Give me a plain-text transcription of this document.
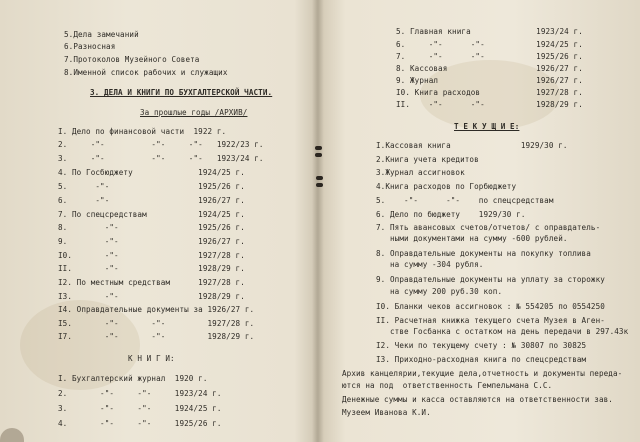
5.Дела замечаний
6.Разносная
7.Протоколов Музейного Совета
8.Именной список рабочих и служащих
3. ДЕЛА И КНИГИ ПО БУХГАЛТЕРСКОЙ ЧАСТИ.
За прошлые годы /АРХИВ/
I. Дело по финансовой части  1922 г.
2.     -"-          -"-     -"-   1922/23 г.
3.     -"-          -"-     -"-   1923/24 г.
4. По Госбюджету              1924/25 г.
5.      -"-                   1925/26 г.
6.      -"-                   1926/27 г.
7. По спецсредствам           1924/25 г.
8.        -"-                 1925/26 г.
9.        -"-                 1926/27 г.
I0.       -"-                 1927/28 г.
II.       -"-                 1928/29 г.
I2. По местным средствам      1927/28 г.
I3.       -"-                 1928/29 г.
I4. Оправдательные документы за 1926/27 г.
I5.       -"-       -"-         1927/28 г.
I7.       -"-       -"-         1928/29 г.
К Н И Г И:
I. Бухгалтерский журнал  1920 г.
2.       -"-     -"-     1923/24 г.
3.       -"-     -"-     1924/25 г.
4.       -"-     -"-     1925/26 г.
5. Главная книга              1923/24 г.
6.     -"-      -"-           1924/25 г.
7.     -"-      -"-           1925/26 г.
8. Кассовая                   1926/27 г.
9. Журнал                     1926/27 г.
I0. Книга расходов            1927/28 г.
II.    -"-      -"-           1928/29 г.
Т Е К У Щ И Е:
I.Кассовая книга               1929/30 г.
2.Книга учета кредитов
3.Журнал ассигновок
4.Книга расходов по Горбюджету
5.    -"-      -"-    по спецсредствам
6. Дело по бюджету    1929/30 г.
7. Пять авансовых счетов/отчетов/ с оправдатель-
ными документами на сумму -600 рублей.
8. Оправдательные документы на покупку топлива
на сумму -304 рубля.
9. Оправдательные документы на уплату за сторожку
на сумму 200 руб.30 коп.
I0. Бланки чеков ассигновок : № 554205 по 0554250
II. Расчетная книжка текущего счета Музея в Аген-
стве Госбанка с остатком на день передачи в 297.43к
I2. Чеки по текущему счету : № 30807 по 30825
I3. Приходно-расходная книга по спецсредствам
Архив канцелярии,текущие дела,отчетность и документы переда-
ются на под  ответственность Гемпельмана С.С.
Денежные суммы и касса оставляются на ответственности зав.
Музеем Ивановa К.И.
